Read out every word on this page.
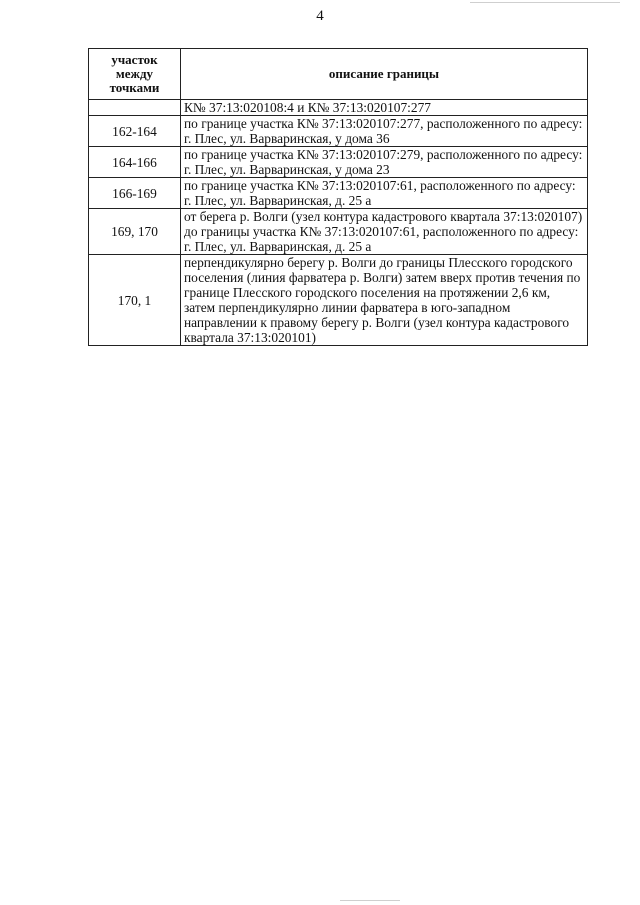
4
участок между точками	описание границы
	К№ 37:13:020108:4 и К№ 37:13:020107:277
162-164	по границе участка К№ 37:13:020107:277, расположенного по адресу: г. Плес, ул. Варваринская, у дома 36
164-166	по границе участка К№ 37:13:020107:279, расположенного по адресу: г. Плес, ул. Варваринская, у дома 23
166-169	по границе участка К№ 37:13:020107:61, расположенного по адресу: г. Плес, ул. Варваринская, д. 25 а
169, 170	от берега р. Волги (узел контура кадастрового квартала 37:13:020107) до границы участка К№ 37:13:020107:61, расположенного по адресу: г. Плес, ул. Варваринская, д. 25 а
170, 1	перпендикулярно берегу р. Волги до границы Плесского городского поселения (линия фарватера р. Волги) затем вверх против течения по границе Плесского городского поселения на протяжении 2,6 км, затем перпендикулярно линии фарватера в юго-западном направлении к правому берегу р. Волги (узел контура кадастрового квартала 37:13:020101)
